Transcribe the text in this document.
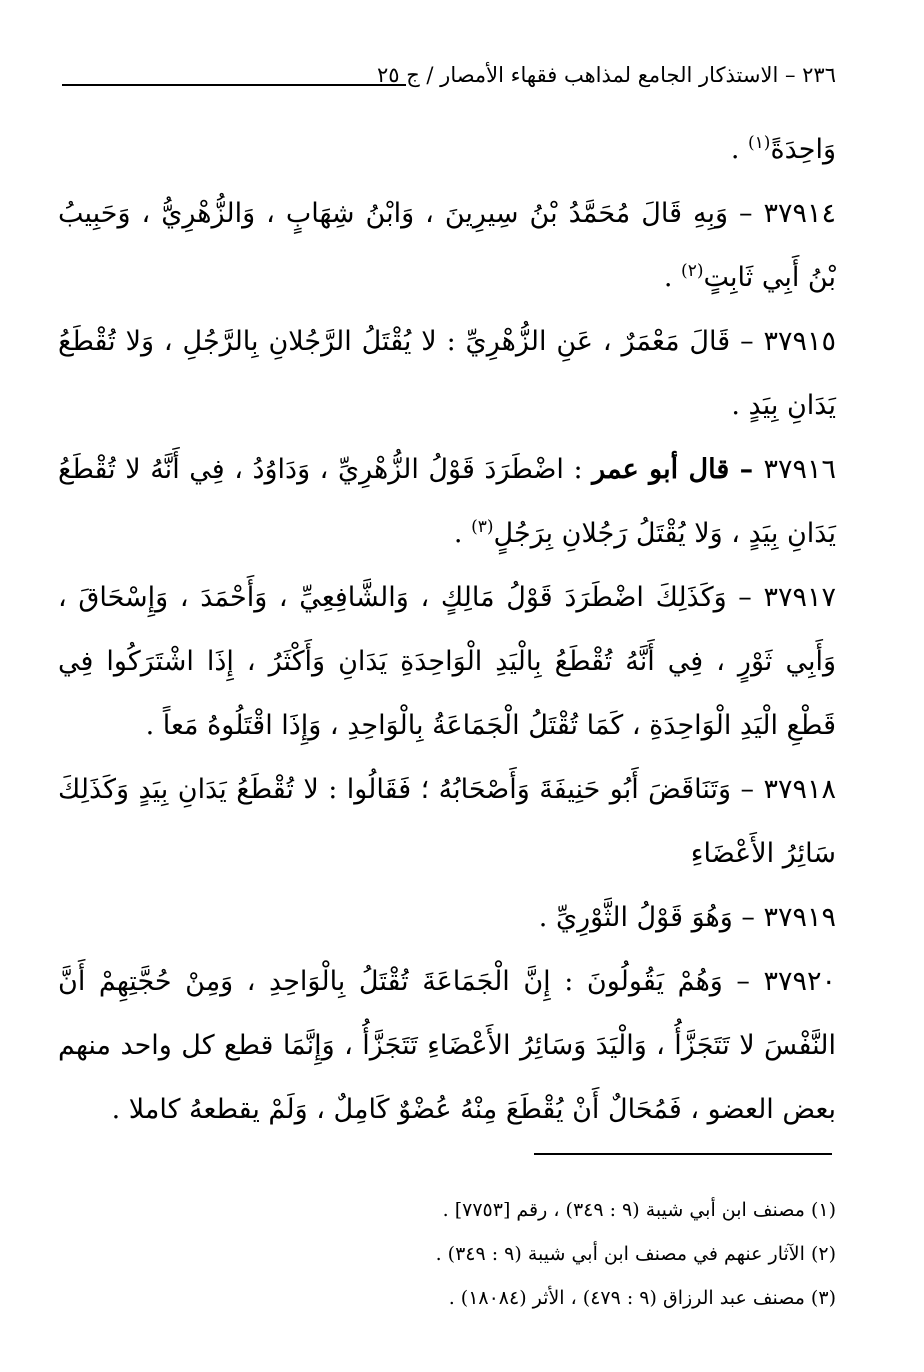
٢٣٦ – الاستذكار الجامع لمذاهب فقهاء الأمصار / ج ٢٥

وَاحِدَةً$^{(١)}$ .

٣٧٩١٤ – وَبِهِ قَالَ مُحَمَّدُ بْنُ سِيرِينَ ، وَابْنُ شِهَابٍ ، وَالزُّهْرِيُّ ، وَحَبِيبُ بْنُ أَبِي ثَابِتٍ$^{(٢)}$ .

٣٧٩١٥ – قَالَ مَعْمَرٌ ، عَنِ الزُّهْرِيِّ : لا يُقْتَلُ الرَّجُلانِ بِالرَّجُلِ ، وَلا تُقْطَعُ يَدَانِ بِيَدٍ .

٣٧٩١٦ – قال أبو عمر : اضْطَرَدَ قَوْلُ الزُّهْرِيِّ ، وَدَاوُدُ ، فِي أَنَّهُ لا تُقْطَعُ يَدَانِ بِيَدٍ ، وَلا يُقْتَلُ رَجُلانِ بِرَجُلٍ$^{(٣)}$ .

٣٧٩١٧ – وَكَذَلِكَ اضْطَرَدَ قَوْلُ مَالِكٍ ، وَالشَّافِعِيِّ ، وَأَحْمَدَ ، وَإِسْحَاقَ ، وَأَبِي ثَوْرٍ ، فِي أَنَّهُ تُقْطَعُ بِالْيَدِ الْوَاحِدَةِ يَدَانِ وَأَكْثَرُ ، إِذَا اشْتَرَكُوا فِي قَطْعِ الْيَدِ الْوَاحِدَةِ ، كَمَا تُقْتَلُ الْجَمَاعَةُ بِالْوَاحِدِ ، وَإِذَا اقْتَلُوهُ مَعاً .

٣٧٩١٨ – وَتَنَاقَضَ أَبُو حَنِيفَةَ وَأَصْحَابُهُ ؛ فَقَالُوا : لا تُقْطَعُ يَدَانِ بِيَدٍ وَكَذَلِكَ سَائِرُ الأَعْضَاءِ

٣٧٩١٩ – وَهُوَ قَوْلُ الثَّوْرِيِّ .

٣٧٩٢٠ – وَهُمْ يَقُولُونَ : إِنَّ الْجَمَاعَةَ تُقْتَلُ بِالْوَاحِدِ ، وَمِنْ حُجَّتِهِمْ أَنَّ النَّفْسَ لا تَتَجَزَّأُ ، وَالْيَدَ وَسَائِرُ الأَعْضَاءِ تَتَجَزَّأُ ، وَإِنَّمَا قطع كل واحد منهم بعض العضو ، فَمُحَالٌ أَنْ يُقْطَعَ مِنْهُ عُضْوٌ كَامِلٌ ، وَلَمْ يقطعهُ كاملا .

(١) مصنف ابن أبي شيبة (٩ : ٣٤٩) ، رقم [٧٧٥٣] .

(٢) الآثار عنهم في مصنف ابن أبي شيبة (٩ : ٣٤٩) .

(٣) مصنف عبد الرزاق (٩ : ٤٧٩) ، الأثر (١٨٠٨٤) .
